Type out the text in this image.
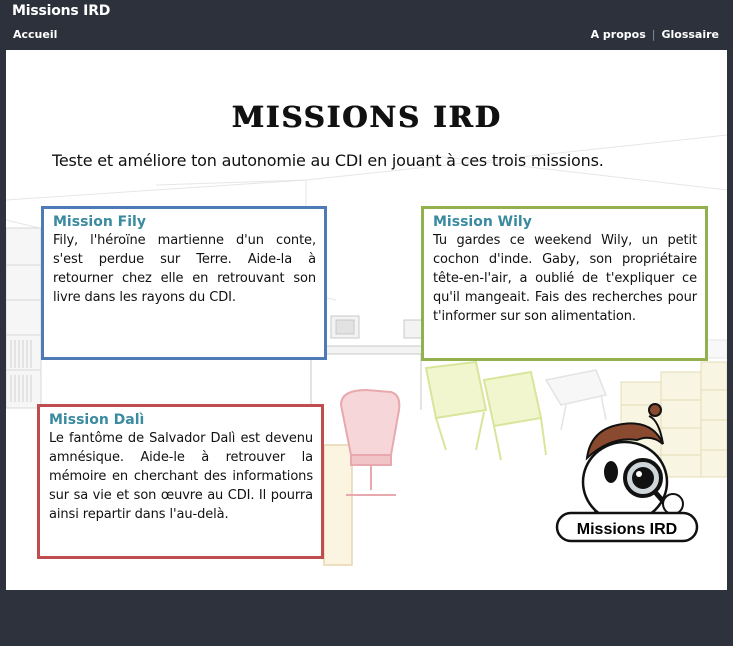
Missions IRD
Accueil	A propos | Glossaire
MISSIONS IRD
Teste et améliore ton autonomie au CDI en jouant à ces trois missions.
Mission Fily
Fily, l'héroïne martienne d'un conte, s'est perdue sur Terre. Aide-la à retourner chez elle en retrouvant son livre dans les rayons du CDI.
Mission Wily
Tu gardes ce weekend Wily, un petit cochon d'inde. Gaby, son propriétaire tête-en-l'air, a oublié de t'expliquer ce qu'il mangeait. Fais des recherches pour t'informer sur son alimentation.
Mission Dalì
Le fantôme de Salvador Dalì est devenu amnésique. Aide-le à retrouver la mémoire en cherchant des informations sur sa vie et son œuvre au CDI. Il pourra ainsi repartir dans l'au-delà.
Missions IRD
